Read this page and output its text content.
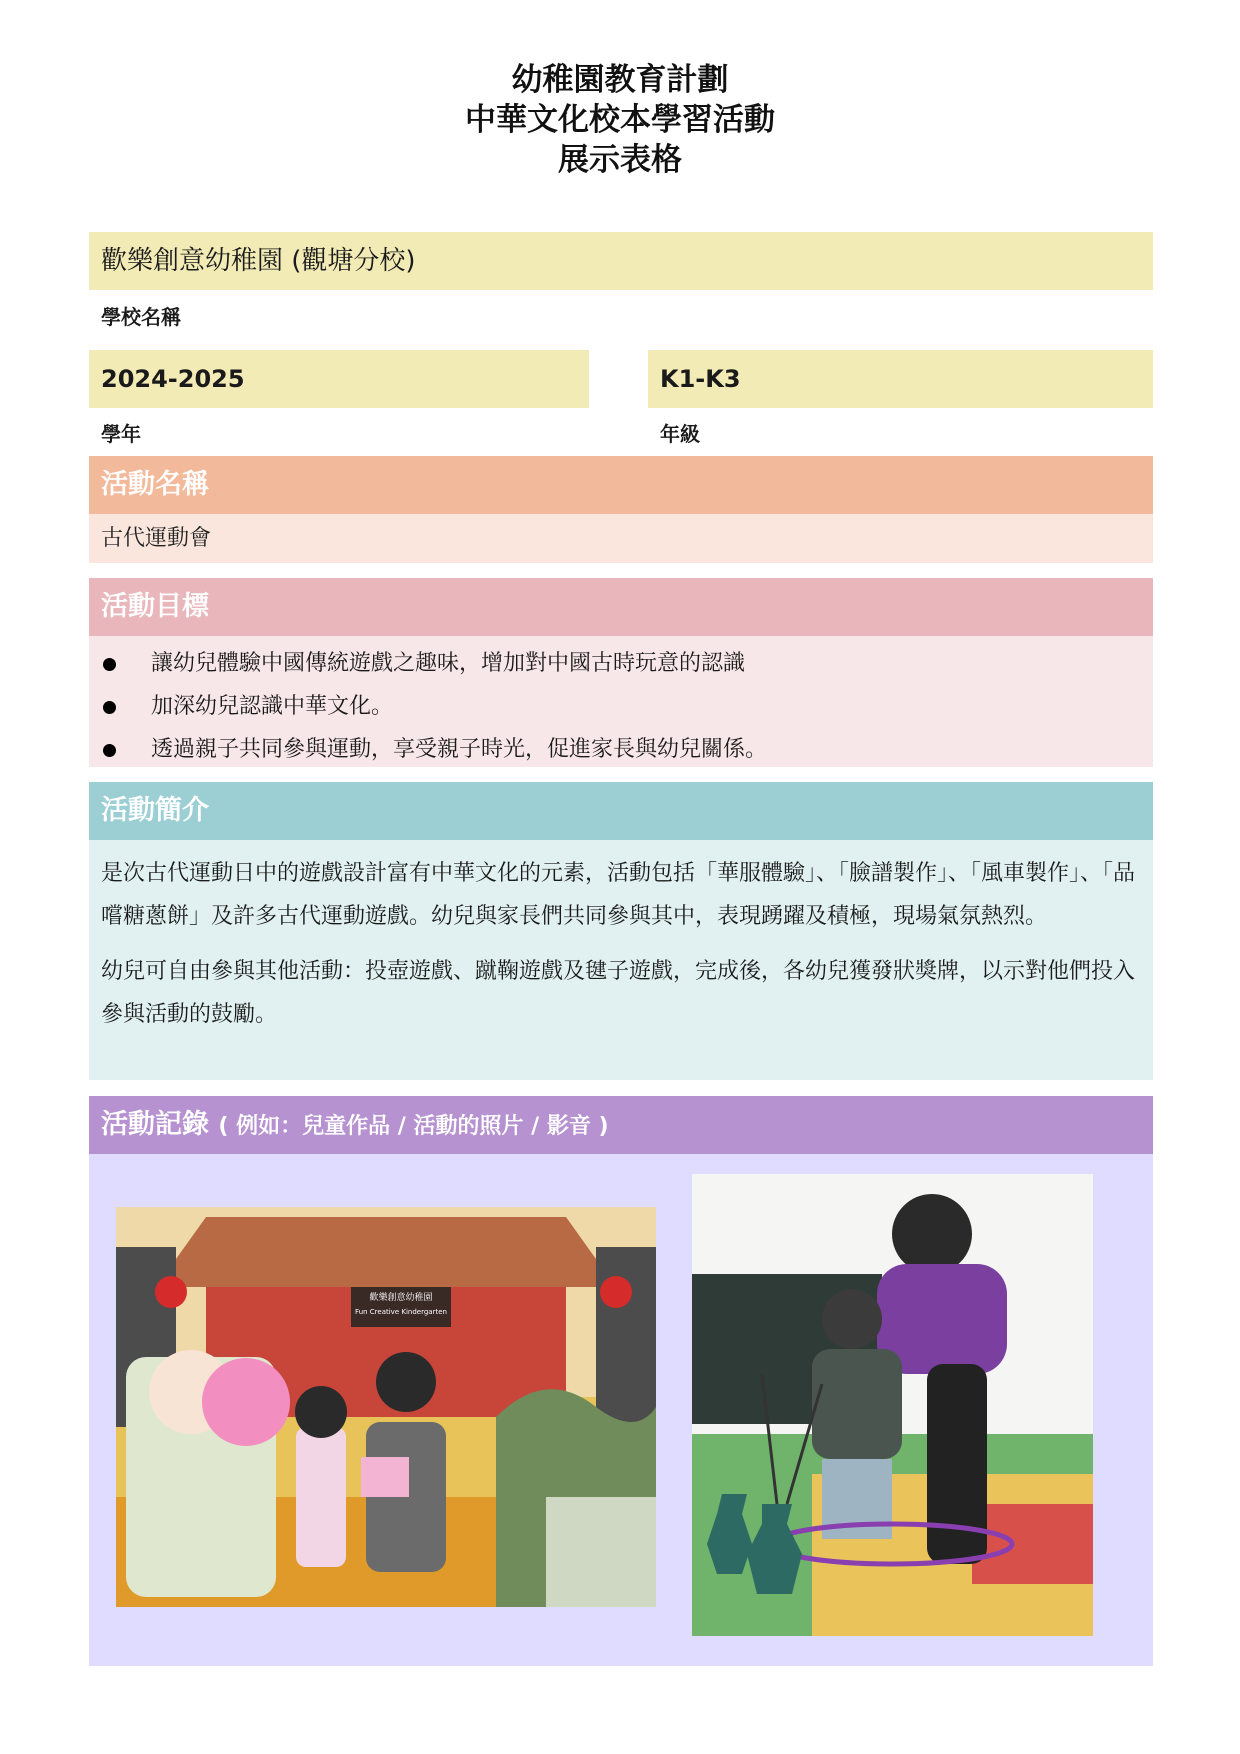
幼稚園教育計劃

中華文化校本學習活動

展示表格

歡樂創意幼稚園 (觀塘分校)
學校名稱
2024-2025
學年
K1-K3
年級
活動名稱
古代運動會
活動目標
讓幼兒體驗中國傳統遊戲之趣味，增加對中國古時玩意的認識
加深幼兒認識中華文化。
透過親子共同參與運動，享受親子時光，促進家長與幼兒關係。
活動簡介

是次古代運動日中的遊戲設計富有中華文化的元素，活動包括「華服體驗」、「臉譜製作」、「風車製作」、「品嚐糖蔥餅」及許多古代運動遊戲。幼兒與家長們共同參與其中，表現踴躍及積極，現場氣氛熱烈。

幼兒可自由參與其他活動：投壺遊戲、蹴鞠遊戲及毽子遊戲，完成後，各幼兒獲發狀獎牌，以示對他們投入參與活動的鼓勵。

活動記錄 ( 例如：兒童作品 / 活動的照片 / 影音 )
歡樂創意幼稚園
Fun Creative Kindergarten
